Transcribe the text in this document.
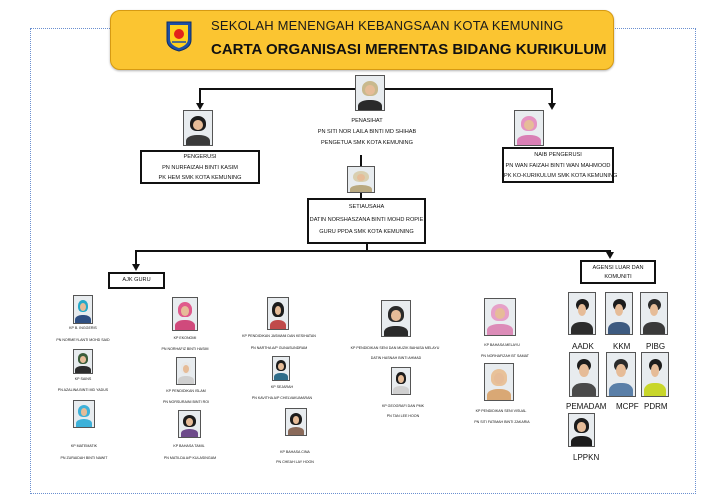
SEKOLAH MENENGAH KEBANGSAAN KOTA KEMUNING
CARTA ORGANISASI MERENTAS BIDANG KURIKULUM
PENASIHAT
PN SITI NOR LAILA BINTI MD SHIHAB
PENGETUA SMK KOTA KEMUNING
PENGERUSI
PN NURFAIZAH BINTI KASIM
PK HEM SMK KOTA KEMUNING
NAIB PENGERUSI
PN WAN FAIZAH BINTI WAN MAHMOOD
PK KO-KURIKULUM SMK KOTA KEMUNING
SETIAUSAHA
DATIN NORSHASZANA BINTI MOHD ROPIE
GURU PPDA SMK KOTA KEMUNING
AJK GURU
AGENSI LUAR DAN
KOMUNITI
KP B. INGGERIS
PN NORMEYLANTI MOHD SAID
KP SAINS
PN AZALINA BINTI MD YADUS
KP MATEMATIK
PN ZURAIDAH BINTI NAWIT
KP EKONOMI
PN NORHAFIZ BINTI HASIM
KP PENDIDIKAN ISLAM
PN NORSURAINI BINTI ROI
KP BAHASA TAMIL
PN MATILDA A/P KULASINGAM
KP PENDIDIKAN JASMANI DAN KESIHATAN
PN NARTHA A/P GUNASUNDRAM
KP SEJARAH
PN KAVITHA A/P CHELVAKUMARAN
KP BAHASA CINA
PN CHEAH LAY HOON
KP PENDIDIKAN SENI DAN MUZIK BAHASA MELAYU
DATIN HASNAH BINTI AHMAD
KP GEOGRAFI DAN PMK
PN TAN LEE HOON
KP BAHASA MELAYU
PN NORHAFIZAH BT SAMAT
KP PENDIDIKAN SENI VISUAL
PN SITI FATIMAH BINTI ZAKARIA
AADK KKM PIBG
PEMADAM MCPF PDRM
LPPKN
